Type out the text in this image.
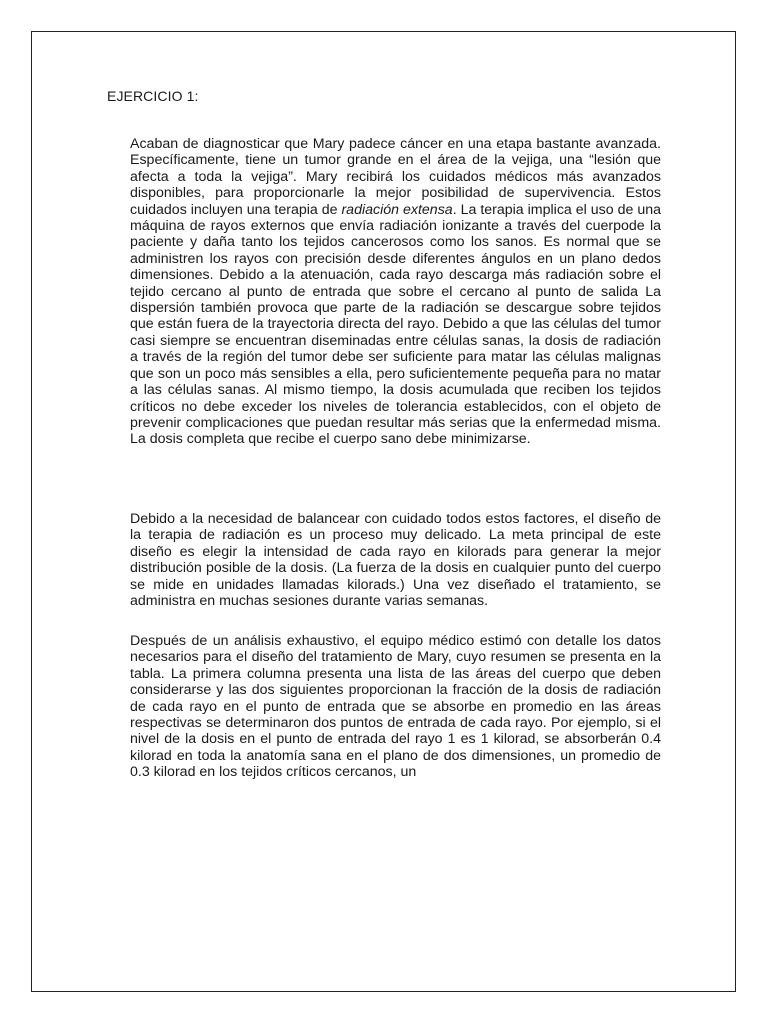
EJERCICIO 1:

Acaban de diagnosticar que Mary padece cáncer en una etapa bastante avanzada. Específicamente, tiene un tumor grande en el área de la vejiga, una “lesión que afecta a toda la vejiga”. Mary recibirá los cuidados médicos más avanzados disponibles, para proporcionarle la mejor posibilidad de supervivencia. Estos cuidados incluyen una terapia de radiación extensa. La terapia implica el uso de una máquina de rayos externos que envía radiación ionizante a través del cuerpode la paciente y daña tanto los tejidos cancerosos como los sanos. Es normal que se administren los rayos con precisión desde diferentes ángulos en un plano dedos dimensiones. Debido a la atenuación, cada rayo descarga más radiación sobre el tejido cercano al punto de entrada que sobre el cercano al punto de salida La dispersión también provoca que parte de la radiación se descargue sobre tejidos que están fuera de la trayectoria directa del rayo. Debido a que las células del tumor casi siempre se encuentran diseminadas entre células sanas, la dosis de radiación a través de la región del tumor debe ser suficiente para matar las células malignas que son un poco más sensibles a ella, pero suficientemente pequeña para no matar a las células sanas. Al mismo tiempo, la dosis acumulada que reciben los tejidos críticos no debe exceder los niveles de tolerancia establecidos, con el objeto de prevenir complicaciones que puedan resultar más serias que la enfermedad misma. La dosis completa que recibe el cuerpo sano debe minimizarse.

Debido a la necesidad de balancear con cuidado todos estos factores, el diseño de la terapia de radiación es un proceso muy delicado. La meta principal de este diseño es elegir la intensidad de cada rayo en kilorads para generar la mejor distribución posible de la dosis. (La fuerza de la dosis en cualquier punto del cuerpo se mide en unidades llamadas kilorads.) Una vez diseñado el tratamiento, se administra en muchas sesiones durante varias semanas.

Después de un análisis exhaustivo, el equipo médico estimó con detalle los datos necesarios para el diseño del tratamiento de Mary, cuyo resumen se presenta en la tabla. La primera columna presenta una lista de las áreas del cuerpo que deben considerarse y las dos siguientes proporcionan la fracción de la dosis de radiación de cada rayo en el punto de entrada que se absorbe en promedio en las áreas respectivas se determinaron dos puntos de entrada de cada rayo. Por ejemplo, si el nivel de la dosis en el punto de entrada del rayo 1 es 1 kilorad, se absorberán 0.4 kilorad en toda la anatomía sana en el plano de dos dimensiones, un promedio de 0.3 kilorad en los tejidos críticos cercanos, un
